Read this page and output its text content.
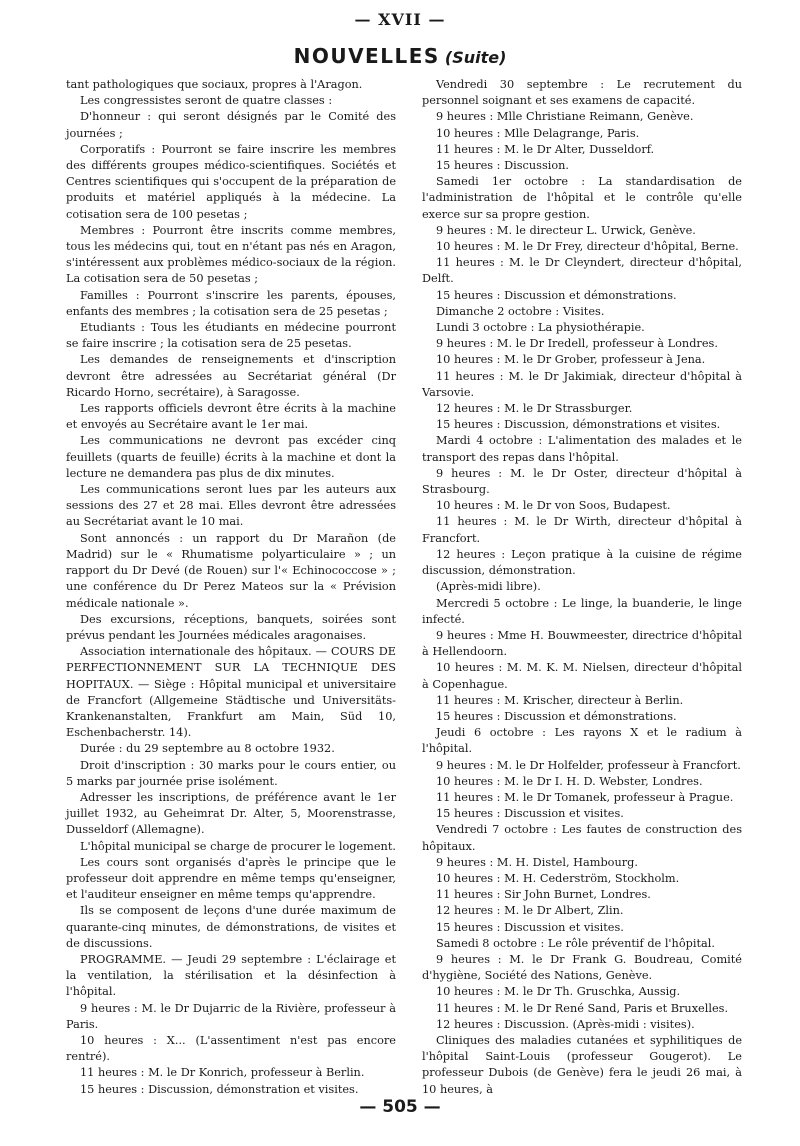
— XVII —
NOUVELLES (Suite)

tant pathologiques que sociaux, propres à l'Aragon.

Les congressistes seront de quatre classes :

D'honneur : qui seront désignés par le Comité des journées ;

Corporatifs : Pourront se faire inscrire les membres des différents groupes médico-scientifiques. Sociétés et Centres scientifiques qui s'occupent de la préparation de produits et matériel appliqués à la médecine. La cotisation sera de 100 pesetas ;

Membres : Pourront être inscrits comme membres, tous les médecins qui, tout en n'étant pas nés en Aragon, s'intéressent aux problèmes médico-sociaux de la région. La cotisation sera de 50 pesetas ;

Familles : Pourront s'inscrire les parents, épouses, enfants des membres ; la cotisation sera de 25 pesetas ;

Etudiants : Tous les étudiants en médecine pourront se faire inscrire ; la cotisation sera de 25 pesetas.

Les demandes de renseignements et d'inscription devront être adressées au Secrétariat général (Dr Ricardo Horno, secrétaire), à Saragosse.

Les rapports officiels devront être écrits à la machine et envoyés au Secrétaire avant le 1er mai.

Les communications ne devront pas excéder cinq feuillets (quarts de feuille) écrits à la machine et dont la lecture ne demandera pas plus de dix minutes.

Les communications seront lues par les auteurs aux sessions des 27 et 28 mai. Elles devront être adressées au Secrétariat avant le 10 mai.

Sont annoncés : un rapport du Dr Marañon (de Madrid) sur le « Rhumatisme polyarticulaire » ; un rapport du Dr Devé (de Rouen) sur l'« Echinococcose » ; une conférence du Dr Perez Mateos sur la « Prévision médicale nationale ».

Des excursions, réceptions, banquets, soirées sont prévus pendant les Journées médicales aragonaises.

Association internationale des hôpitaux. — COURS DE PERFECTIONNEMENT SUR LA TECHNIQUE DES HOPITAUX. — Siège : Hôpital municipal et universitaire de Francfort (Allgemeine Städtische und Universitäts-Krankenanstalten, Frankfurt am Main, Süd 10, Eschenbacherstr. 14).

Durée : du 29 septembre au 8 octobre 1932.

Droit d'inscription : 30 marks pour le cours entier, ou 5 marks par journée prise isolément.

Adresser les inscriptions, de préférence avant le 1er juillet 1932, au Geheimrat Dr. Alter, 5, Moorenstrasse, Dusseldorf (Allemagne).

L'hôpital municipal se charge de procurer le logement.

Les cours sont organisés d'après le principe que le professeur doit apprendre en même temps qu'enseigner, et l'auditeur enseigner en même temps qu'apprendre.

Ils se composent de leçons d'une durée maximum de quarante-cinq minutes, de démonstrations, de visites et de discussions.

PROGRAMME. — Jeudi 29 septembre : L'éclairage et la ventilation, la stérilisation et la désinfection à l'hôpital.

9 heures : M. le Dr Dujarric de la Rivière, professeur à Paris.

10 heures : X... (L'assentiment n'est pas encore rentré).

11 heures : M. le Dr Konrich, professeur à Berlin.

15 heures : Discussion, démonstration et visites.

Vendredi 30 septembre : Le recrutement du personnel soignant et ses examens de capacité.

9 heures : Mlle Christiane Reimann, Genève.

10 heures : Mlle Delagrange, Paris.

11 heures : M. le Dr Alter, Dusseldorf.

15 heures : Discussion.

Samedi 1er octobre : La standardisation de l'administration de l'hôpital et le contrôle qu'elle exerce sur sa propre gestion.

9 heures : M. le directeur L. Urwick, Genève.

10 heures : M. le Dr Frey, directeur d'hôpital, Berne.

11 heures : M. le Dr Cleyndert, directeur d'hôpital, Delft.

15 heures : Discussion et démonstrations.

Dimanche 2 octobre : Visites.

Lundi 3 octobre : La physiothérapie.

9 heures : M. le Dr Iredell, professeur à Londres.

10 heures : M. le Dr Grober, professeur à Jena.

11 heures : M. le Dr Jakimiak, directeur d'hôpital à Varsovie.

12 heures : M. le Dr Strassburger.

15 heures : Discussion, démonstrations et visites.

Mardi 4 octobre : L'alimentation des malades et le transport des repas dans l'hôpital.

9 heures : M. le Dr Oster, directeur d'hôpital à Strasbourg.

10 heures : M. le Dr von Soos, Budapest.

11 heures : M. le Dr Wirth, directeur d'hôpital à Francfort.

12 heures : Leçon pratique à la cuisine de régime discussion, démonstration.

(Après-midi libre).

Mercredi 5 octobre : Le linge, la buanderie, le linge infecté.

9 heures : Mme H. Bouwmeester, directrice d'hôpital à Hellendoorn.

10 heures : M. M. K. M. Nielsen, directeur d'hôpital à Copenhague.

11 heures : M. Krischer, directeur à Berlin.

15 heures : Discussion et démonstrations.

Jeudi 6 octobre : Les rayons X et le radium à l'hôpital.

9 heures : M. le Dr Holfelder, professeur à Francfort.

10 heures : M. le Dr I. H. D. Webster, Londres.

11 heures : M. le Dr Tomanek, professeur à Prague.

15 heures : Discussion et visites.

Vendredi 7 octobre : Les fautes de construction des hôpitaux.

9 heures : M. H. Distel, Hambourg.

10 heures : M. H. Cederström, Stockholm.

11 heures : Sir John Burnet, Londres.

12 heures : M. le Dr Albert, Zlin.

15 heures : Discussion et visites.

Samedi 8 octobre : Le rôle préventif de l'hôpital.

9 heures : M. le Dr Frank G. Boudreau, Comité d'hygiène, Société des Nations, Genève.

10 heures : M. le Dr Th. Gruschka, Aussig.

11 heures : M. le Dr René Sand, Paris et Bruxelles.

12 heures : Discussion. (Après-midi : visites).

Cliniques des maladies cutanées et syphilitiques de l'hôpital Saint-Louis (professeur Gougerot). Le professeur Dubois (de Genève) fera le jeudi 26 mai, à 10 heures, à

— 505 —
